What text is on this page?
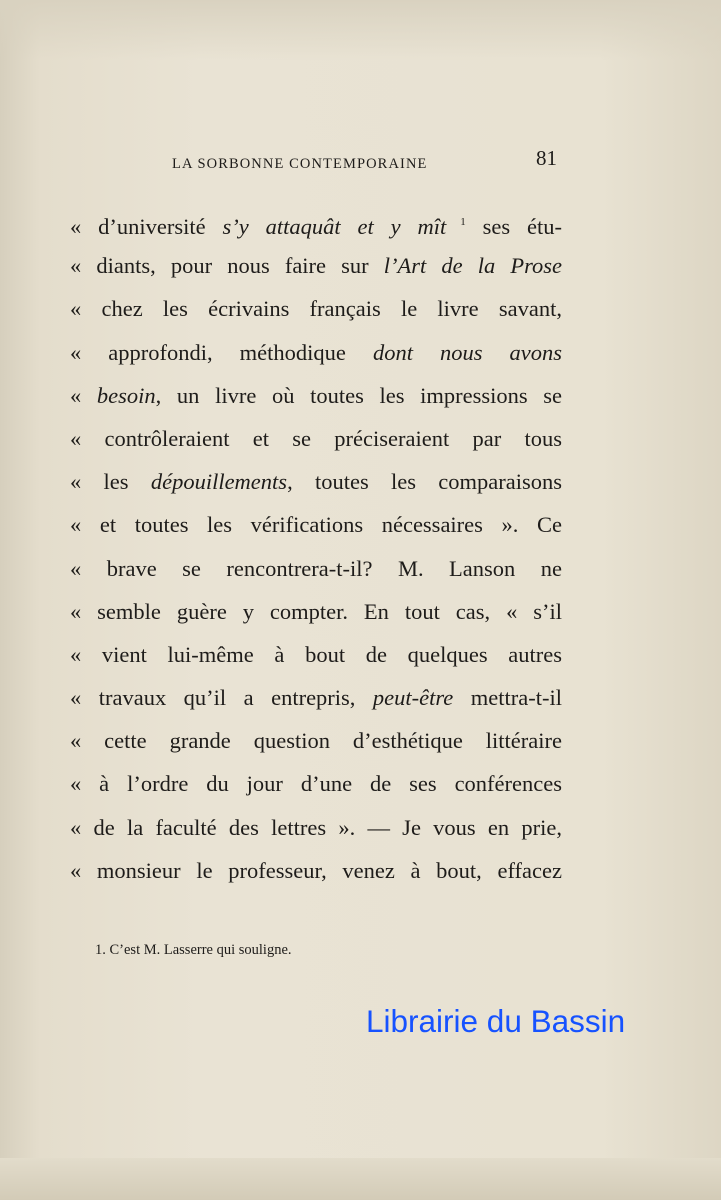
LA SORBONNE CONTEMPORAINE	81
« d’université s’y attaquât et y mît $^1$ ses étu-
« diants, pour nous faire sur l’Art de la Prose
« chez les écrivains français le livre savant,
« approfondi, méthodique dont nous avons
« besoin, un livre où toutes les impressions se
« contrôleraient et se préciseraient par tous
« les dépouillements, toutes les comparaisons
« et toutes les vérifications nécessaires ». Ce
« brave se rencontrera-t-il? M. Lanson ne
« semble guère y compter. En tout cas, « s’il
« vient lui-même à bout de quelques autres
« travaux qu’il a entrepris, peut-être mettra-t-il
« cette grande question d’esthétique littéraire
« à l’ordre du jour d’une de ses conférences
« de la faculté des lettres ». — Je vous en prie,
« monsieur le professeur, venez à bout, effacez
1. C’est M. Lasserre qui souligne.
Librairie du Bassin
